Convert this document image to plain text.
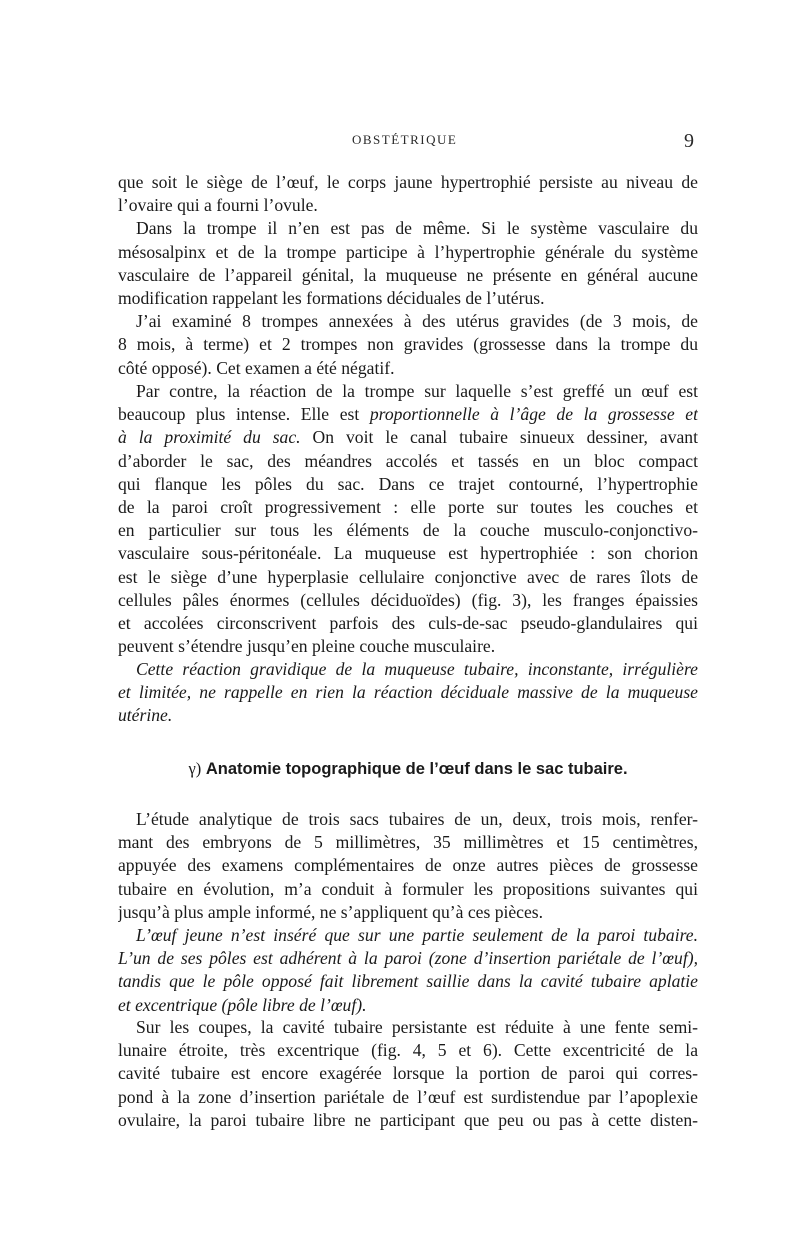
OBSTÉTRIQUE	9
que soit le siège de l’œuf, le corps jaune hypertrophié persiste au niveau de
l’ovaire qui a fourni l’ovule.
Dans la trompe il n’en est pas de même. Si le système vasculaire du
mésosalpinx et de la trompe participe à l’hypertrophie générale du système
vasculaire de l’appareil génital, la muqueuse ne présente en général aucune
modification rappelant les formations déciduales de l’utérus.
J’ai examiné 8 trompes annexées à des utérus gravides (de 3 mois, de
8 mois, à terme) et 2 trompes non gravides (grossesse dans la trompe du
côté opposé). Cet examen a été négatif.
Par contre, la réaction de la trompe sur laquelle s’est greffé un œuf est
beaucoup plus intense. Elle est proportionnelle à l’âge de la grossesse et
à la proximité du sac. On voit le canal tubaire sinueux dessiner, avant
d’aborder le sac, des méandres accolés et tassés en un bloc compact
qui flanque les pôles du sac. Dans ce trajet contourné, l’hypertrophie
de la paroi croît progressivement : elle porte sur toutes les couches et
en particulier sur tous les éléments de la couche musculo-conjonctivo-
vasculaire sous-péritonéale. La muqueuse est hypertrophiée : son chorion
est le siège d’une hyperplasie cellulaire conjonctive avec de rares îlots de
cellules pâles énormes (cellules déciduoïdes) (fig. 3), les franges épaissies
et accolées circonscrivent parfois des culs-de-sac pseudo-glandulaires qui
peuvent s’étendre jusqu’en pleine couche musculaire.
Cette réaction gravidique de la muqueuse tubaire, inconstante, irrégulière
et limitée, ne rappelle en rien la réaction déciduale massive de la muqueuse
utérine.
γ) Anatomie topographique de l’œuf dans le sac tubaire.
L’étude analytique de trois sacs tubaires de un, deux, trois mois, renfer-
mant des embryons de 5 millimètres, 35 millimètres et 15 centimètres,
appuyée des examens complémentaires de onze autres pièces de grossesse
tubaire en évolution, m’a conduit à formuler les propositions suivantes qui
jusqu’à plus ample informé, ne s’appliquent qu’à ces pièces.
L’œuf jeune n’est inséré que sur une partie seulement de la paroi tubaire.
L’un de ses pôles est adhérent à la paroi (zone d’insertion pariétale de l’œuf),
tandis que le pôle opposé fait librement saillie dans la cavité tubaire aplatie
et excentrique (pôle libre de l’œuf).
Sur les coupes, la cavité tubaire persistante est réduite à une fente semi-
lunaire étroite, très excentrique (fig. 4, 5 et 6). Cette excentricité de la
cavité tubaire est encore exagérée lorsque la portion de paroi qui corres-
pond à la zone d’insertion pariétale de l’œuf est surdistendue par l’apoplexie
ovulaire, la paroi tubaire libre ne participant que peu ou pas à cette disten-
